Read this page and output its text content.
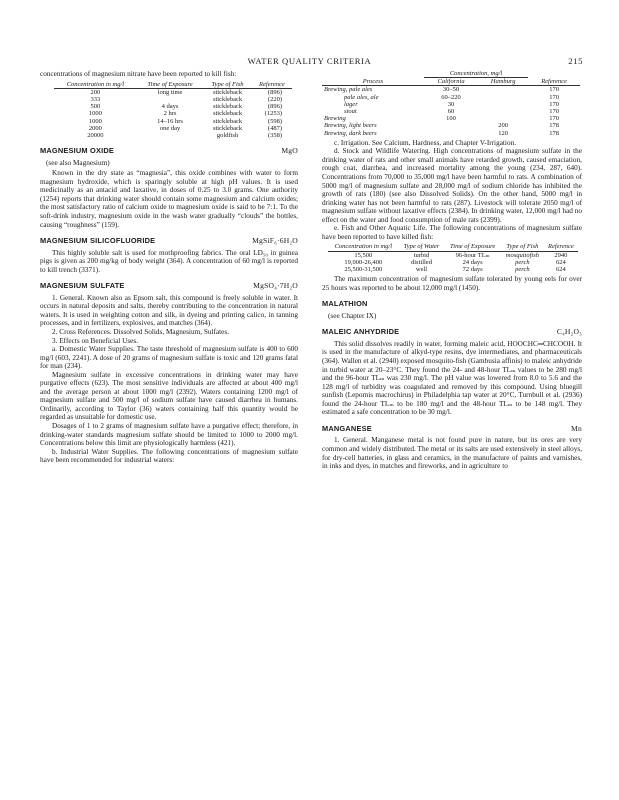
WATER QUALITY CRITERIA	215

concentrations of magnesium nitrate have been reported to kill fish:

Concentration in mg/l	Time of Exposure	Type of Fish	Reference
200	long time	stickleback	(896)
333		stickleback	(220)
500	4 days	stickleback	(896)
1000	2 hrs	stickleback	(1253)
1000	14–16 hrs	stickleback	(598)
2000	one day	stickleback	(487)
20000		goldfish	(358)
MAGNESIUM OXIDE	MgO

(see also Magnesium)

Known in the dry state as “magnesia”, this oxide combines with water to form magnesium hydroxide, which is sparingly soluble at high pH values. It is used medicinally as an antacid and laxative, in doses of 0.25 to 3.0 grams. One authority (1254) reports that drinking water should contain some magnesium and calcium oxides; the most satisfactory ratio of calcium oxide to magnesium oxide is said to be 7:1. To the soft-drink industry, magnesium oxide in the wash water gradually “clouds” the bottles, causing “roughness” (159).

MAGNESIUM SILICOFLUORIDE	MgSiF₆·6H₂O

This highly soluble salt is used for mothproofing fabrics. The oral LD₅₀ in guinea pigs is given as 200 mg/kg of body weight (364). A concentration of 60 mg/l is reported to kill trench (3371).

MAGNESIUM SULFATE	MgSO₄·7H₂O

1. General. Known also as Epsom salt, this compound is freely soluble in water. It occurs in natural deposits and salts, thereby contributing to the concentration in natural waters. It is used in weighting cotton and silk, in dyeing and printing calico, in tanning processes, and in fertilizers, explosives, and matches (364).

2. Cross References. Dissolved Solids, Magnesium, Sulfates.

3. Effects on Beneficial Uses.

a. Domestic Water Supplies. The taste threshold of magnesium sulfate is 400 to 600 mg/l (603, 2241). A dose of 20 grams of magnesium sulfate is toxic and 120 grams fatal for man (234).

Magnesium sulfate in excessive concentrations in drinking water may have purgative effects (623). The most sensitive individuals are affected at about 400 mg/l and the average person at about 1000 mg/l (2392). Waters containing 1200 mg/l of magnesium sulfate and 500 mg/l of sodium sulfate have caused diarrhea in humans. Ordinarily, according to Taylor (36) waters containing half this quantity would be regarded as unsuitable for domestic use.

Dosages of 1 to 2 grams of magnesium sulfate have a purgative effect; therefore, in drinking-water standards magnesium sulfate should be limited to 1000 to 2000 mg/l. Concentrations below this limit are physiologically harmless (421).

b. Industrial Water Supplies. The following concentrations of magnesium sulfate have been recommended for industrial waters:

	Concentration, mg/l		
Process	California	Hamburg	Reference
Brewing, pale ales	30–50		170
pale ales, ale	60–220		170
lager	30		170
stout	60		170
Brewing	100		170
Brewing, light beers		200	178
Brewing, dark beers		120	178

c. Irrigation. See Calcium, Hardness, and Chapter V-Irrigation.

d. Stock and Wildlife Watering. High concentrations of magnesium sulfate in the drinking water of rats and other small animals have retarded growth, caused emaciation, rough coat, diarrhea, and increased mortality among the young (234, 287, 640). Concentrations from 70,000 to 35,000 mg/l have been harmful to rats. A combination of 5000 mg/l of magnesium sulfate and 28,000 mg/l of sodium chloride has inhibited the growth of rats (180) (see also Dissolved Solids). On the other hand, 5000 mg/l in drinking water has not been harmful to rats (287). Livestock will tolerate 2050 mg/l of magnesium sulfate without laxative effects (2384). In drinking water, 12,000 mg/l had no effect on the water and food consumption of male rats (2399).

e. Fish and Other Aquatic Life. The following concentrations of magnesium sulfate have been reported to have killed fish:

Concentration in mg/l	Type of Water	Time of Exposure	Type of Fish	Reference
15,500	turbid	96-hour TLₘ	mosquitofish	2940
19,000-26,400	distilled	24 days	perch	624
25,500-31,500	well	72 days	perch	624

The maximum concentration of magnesium sulfate tolerated by young eels for over 25 hours was reported to be about 12,000 mg/l (1450).

MALATHION

(see Chapter IX)

MALEIC ANHYDRIDE	C₄H₂O₃

This solid dissolves readily in water, forming maleic acid, HOOCHC═CHCOOH. It is used in the manufacture of alkyd-type resins, dye intermediates, and pharmaceuticals (364). Wallen et al. (2940) exposed mosquito-fish (Gambusia affinis) to maleic anhydride in turbid water at 20–23°C. They found the 24- and 48-hour TLₘ values to be 280 mg/l and the 96-hour TLₘ was 230 mg/l. The pH value was lowered from 8.0 to 5.6 and the 128 mg/l of turbidity was coagulated and removed by this compound. Using bluegill sunfish (Lepomis macrochirus) in Philadelphia tap water at 20°C, Turnbull et al. (2936) found the 24-hour TLₘ to be 180 mg/l and the 48-hour TLₘ to be 148 mg/l. They estimated a safe concentration to be 30 mg/l.

MANGANESE	Mn

1. General. Manganese metal is not found pure in nature, but its ores are very common and widely distributed. The metal or its salts are used extensively in steel alloys, for dry-cell batteries, in glass and ceramics, in the manufacture of paints and varnishes, in inks and dyes, in matches and fireworks, and in agriculture to
